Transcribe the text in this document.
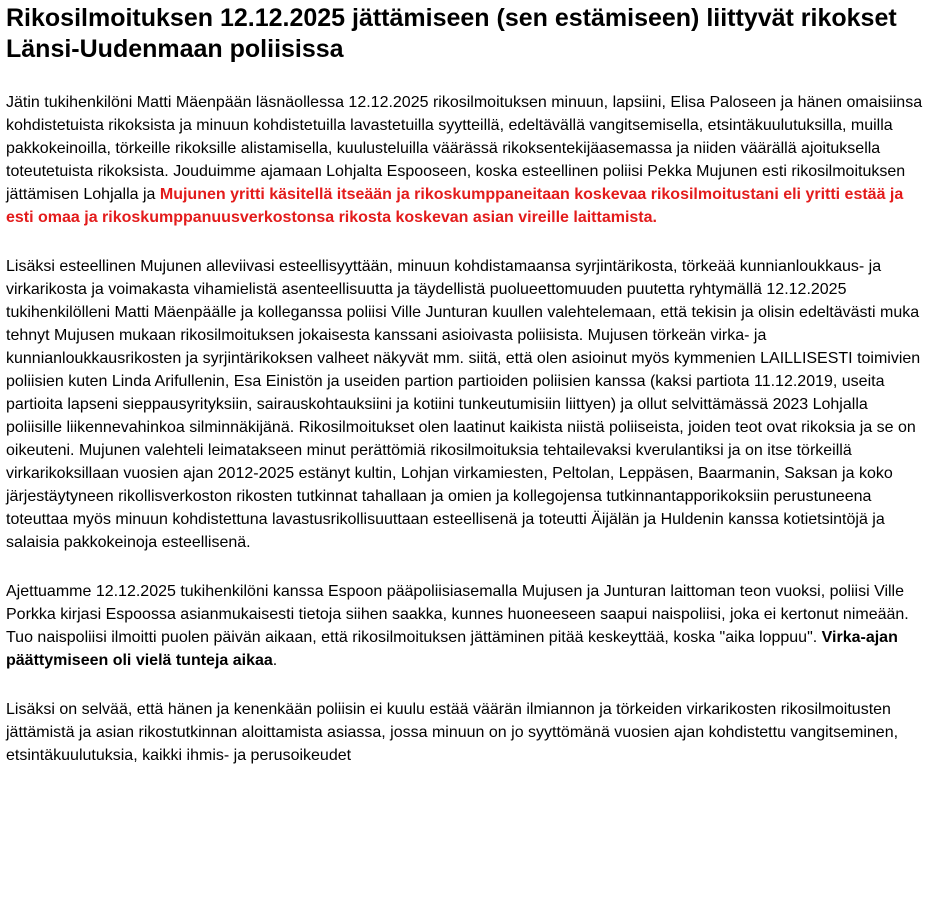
Rikosilmoituksen 12.12.2025 jättämiseen (sen estämiseen) liittyvät rikokset Länsi-Uudenmaan poliisissa

Jätin tukihenkilöni Matti Mäenpään läsnäollessa 12.12.2025 rikosilmoituksen minuun, lapsiini, Elisa Paloseen ja hänen omaisiinsa kohdistetuista rikoksista ja minuun kohdistetuilla lavastetuilla syytteillä, edeltävällä vangitsemisella, etsintäkuulutuksilla, muilla pakkokeinoilla, törkeille rikoksille alistamisella, kuulusteluilla väärässä rikoksentekijäasemassa ja niiden väärällä ajoituksella toteutetuista rikoksista. Jouduimme ajamaan Lohjalta Espooseen, koska esteellinen poliisi Pekka Mujunen esti rikosilmoituksen jättämisen Lohjalla ja Mujunen yritti käsitellä itseään ja rikoskumppaneitaan koskevaa rikosilmoitustani eli yritti estää ja esti omaa ja rikoskumppanuusverkostonsa rikosta koskevan asian vireille laittamista.

Lisäksi esteellinen Mujunen alleviivasi esteellisyyttään, minuun kohdistamaansa syrjintärikosta, törkeää kunnianloukkaus- ja virkarikosta ja voimakasta vihamielistä asenteellisuutta ja täydellistä puolueettomuuden puutetta ryhtymällä 12.12.2025 tukihenkilölleni Matti Mäenpäälle ja kolleganssa poliisi Ville Junturan kuullen valehtelemaan, että tekisin ja olisin edeltävästi muka tehnyt Mujusen mukaan rikosilmoituksen jokaisesta kanssani asioivasta poliisista. Mujusen törkeän virka- ja kunnianloukkausrikosten ja syrjintärikoksen valheet näkyvät mm. siitä, että olen asioinut myös kymmenien LAILLISESTI toimivien poliisien kuten Linda Arifullenin, Esa Einistön ja useiden partion partioiden poliisien kanssa (kaksi partiota 11.12.2019, useita partioita lapseni sieppausyrityksiin, sairauskohtauksiini ja kotiini tunkeutumisiin liittyen) ja ollut selvittämässä 2023 Lohjalla poliisille liikennevahinkoa silminnäkijänä. Rikosilmoitukset olen laatinut kaikista niistä poliiseista, joiden teot ovat rikoksia ja se on oikeuteni. Mujunen valehteli leimatakseen minut perättömiä rikosilmoituksia tehtailevaksi kverulantiksi ja on itse törkeillä virkarikoksillaan vuosien ajan 2012-2025 estänyt kultin, Lohjan virkamiesten, Peltolan, Leppäsen, Baarmanin, Saksan ja koko järjestäytyneen rikollisverkoston rikosten tutkinnat tahallaan ja omien ja kollegojensa tutkinnantapporikoksiin perustuneena toteuttaa myös minuun kohdistettuna lavastusrikollisuuttaan esteellisenä ja toteutti Äijälän ja Huldenin kanssa kotietsintöjä ja salaisia pakkokeinoja esteellisenä.

Ajettuamme 12.12.2025 tukihenkilöni kanssa Espoon pääpoliisiasemalla Mujusen ja Junturan laittoman teon vuoksi, poliisi Ville Porkka kirjasi Espoossa asianmukaisesti tietoja siihen saakka, kunnes huoneeseen saapui naispoliisi, joka ei kertonut nimeään. Tuo naispoliisi ilmoitti puolen päivän aikaan, että rikosilmoituksen jättäminen pitää keskeyttää, koska "aika loppuu". Virka-ajan päättymiseen oli vielä tunteja aikaa.

Lisäksi on selvää, että hänen ja kenenkään poliisin ei kuulu estää väärän ilmiannon ja törkeiden virkarikosten rikosilmoitusten jättämistä ja asian rikostutkinnan aloittamista asiassa, jossa minuun on jo syyttömänä vuosien ajan kohdistettu vangitseminen, etsintäkuulutuksia, kaikki ihmis- ja perusoikeudet
